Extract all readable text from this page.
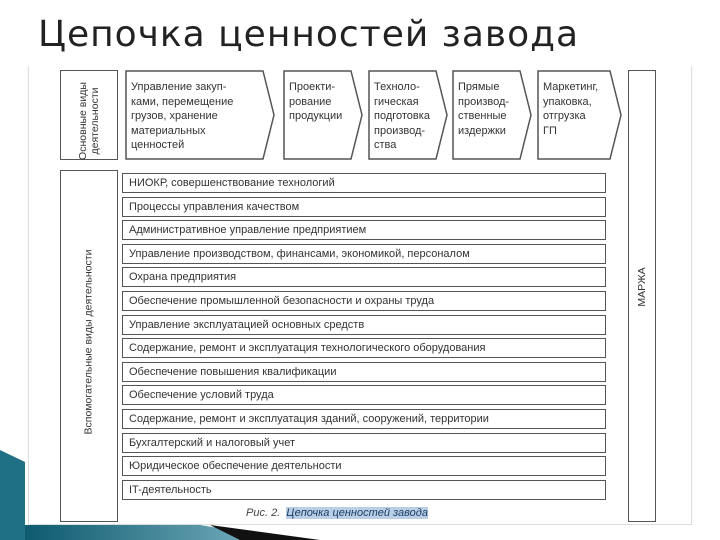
Цепочка ценностей завода
Основные виды деятельности
Вспомогательные виды деятельности	МАРЖА
Управление закуп-
ками, перемещение
грузов, хранение
материальных
ценностей
Проекти-
рование
продукции
Техноло-
гическая
подготовка
производ-
ства
Прямые
производ-
ственные
издержки
Маркетинг,
упаковка,
отгрузка
ГП
НИОКР, совершенствование технологий
Процессы управления качеством
Административное управление предприятием
Управление производством, финансами, экономикой, персоналом
Охрана предприятия
Обеспечение промышленной безопасности и охраны труда
Управление эксплуатацией основных средств
Содержание, ремонт и эксплуатация технологического оборудования
Обеспечение повышения квалификации
Обеспечение условий труда
Содержание, ремонт и эксплуатация зданий, сооружений, территории
Бухгалтерский и налоговый учет
Юридическое обеспечение деятельности
IT-деятельность
Рис. 2. Цепочка ценностей завода
